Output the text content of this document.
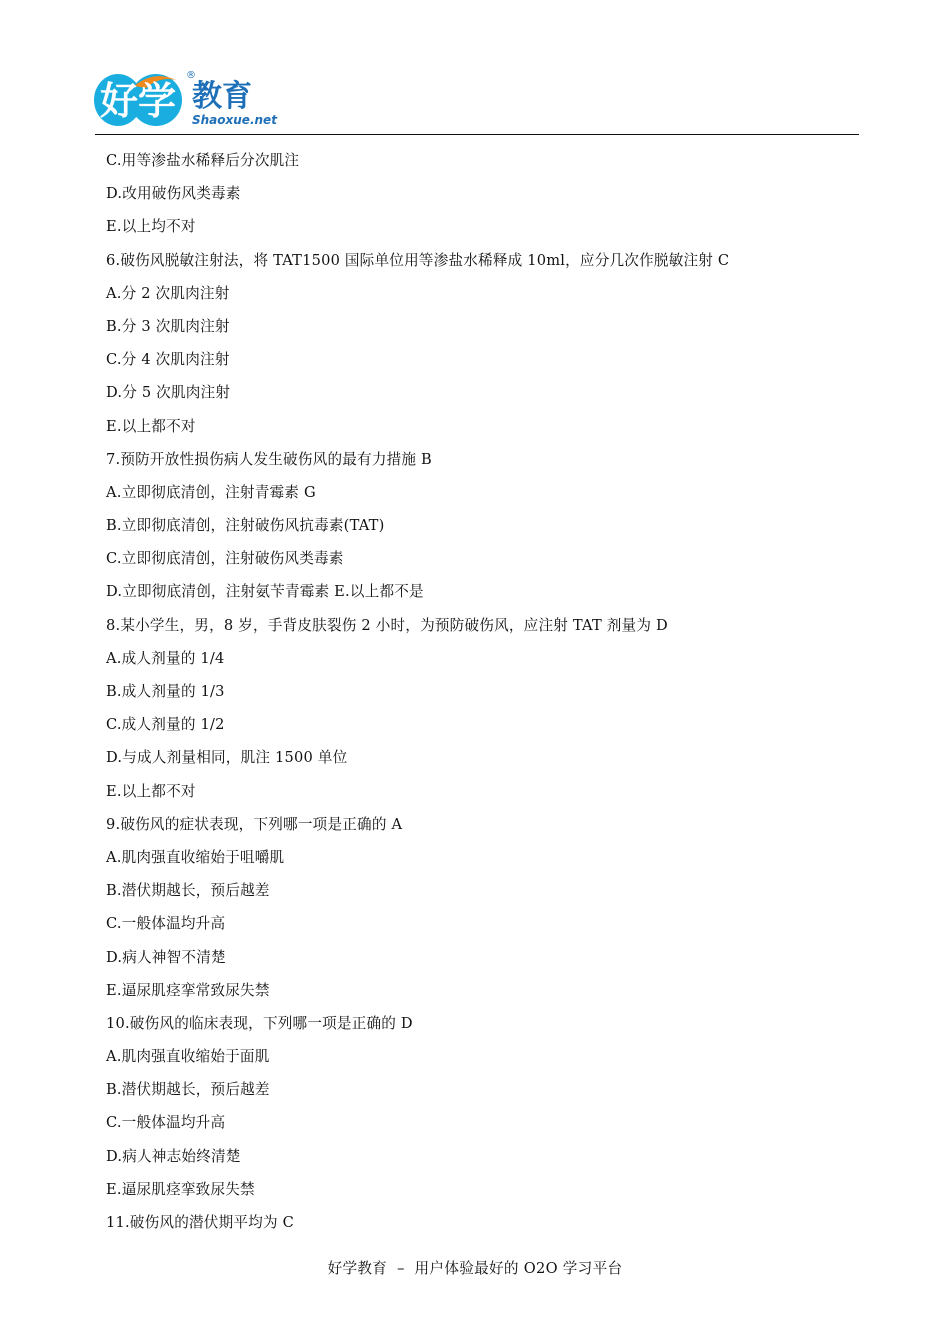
好学
®
教育
Shaoxue.net
C.用等渗盐水稀释后分次肌注
D.改用破伤风类毒素
E.以上均不对
6.破伤风脱敏注射法，将 TAT1500 国际单位用等渗盐水稀释成 10ml，应分几次作脱敏注射 C
A.分 2 次肌肉注射
B.分 3 次肌肉注射
C.分 4 次肌肉注射
D.分 5 次肌肉注射
E.以上都不对
7.预防开放性损伤病人发生破伤风的最有力措施 B
A.立即彻底清创，注射青霉素 G
B.立即彻底清创，注射破伤风抗毒素(TAT)
C.立即彻底清创，注射破伤风类毒素
D.立即彻底清创，注射氨苄青霉素 E.以上都不是
8.某小学生，男，8 岁，手背皮肤裂伤 2 小时，为预防破伤风，应注射 TAT 剂量为 D
A.成人剂量的 1/4
B.成人剂量的 1/3
C.成人剂量的 1/2
D.与成人剂量相同，肌注 1500 单位
E.以上都不对
9.破伤风的症状表现，下列哪一项是正确的 A
A.肌肉强直收缩始于咀嚼肌
B.潜伏期越长，预后越差
C.一般体温均升高
D.病人神智不清楚
E.逼尿肌痉挛常致尿失禁
10.破伤风的临床表现，下列哪一项是正确的 D
A.肌肉强直收缩始于面肌
B.潜伏期越长，预后越差
C.一般体温均升高
D.病人神志始终清楚
E.逼尿肌痉挛致尿失禁
11.破伤风的潜伏期平均为 C
好学教育  –  用户体验最好的 O2O 学习平台
